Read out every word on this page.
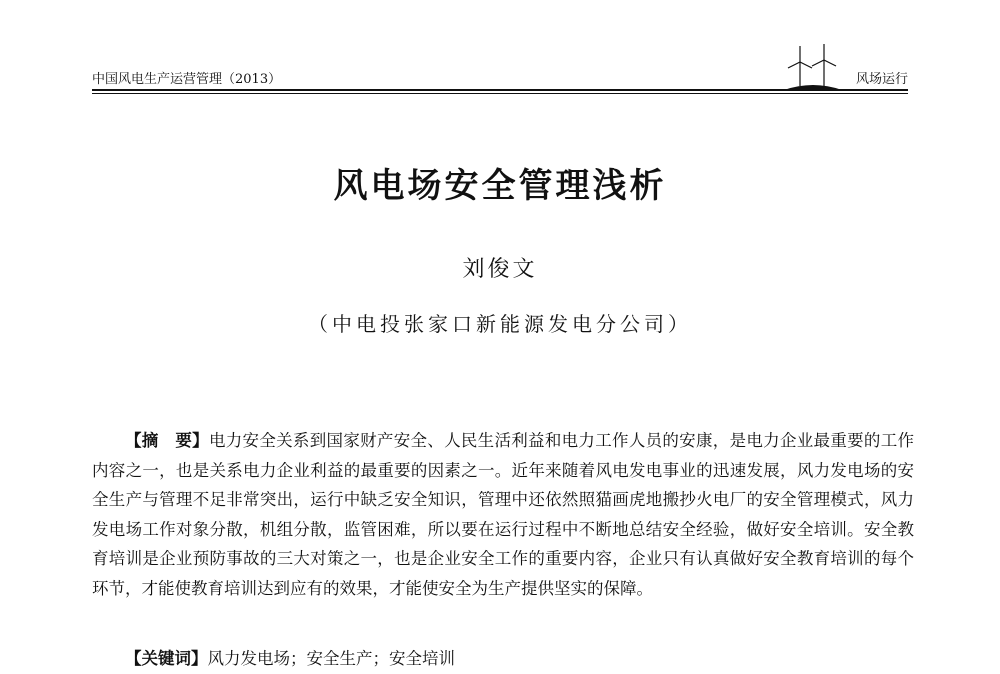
中国风电生产运营管理（2013）	风场运行
风电场安全管理浅析
刘俊文
（中电投张家口新能源发电分公司）

【摘　要】电力安全关系到国家财产安全、人民生活利益和电力工作人员的安康，是电力企业最重要的工作内容之一，也是关系电力企业利益的最重要的因素之一。近年来随着风电发电事业的迅速发展，风力发电场的安全生产与管理不足非常突出，运行中缺乏安全知识，管理中还依然照猫画虎地搬抄火电厂的安全管理模式，风力发电场工作对象分散，机组分散，监管困难，所以要在运行过程中不断地总结安全经验，做好安全培训。安全教育培训是企业预防事故的三大对策之一，也是企业安全工作的重要内容，企业只有认真做好安全教育培训的每个环节，才能使教育培训达到应有的效果，才能使安全为生产提供坚实的保障。

【关键词】风力发电场；安全生产；安全培训
